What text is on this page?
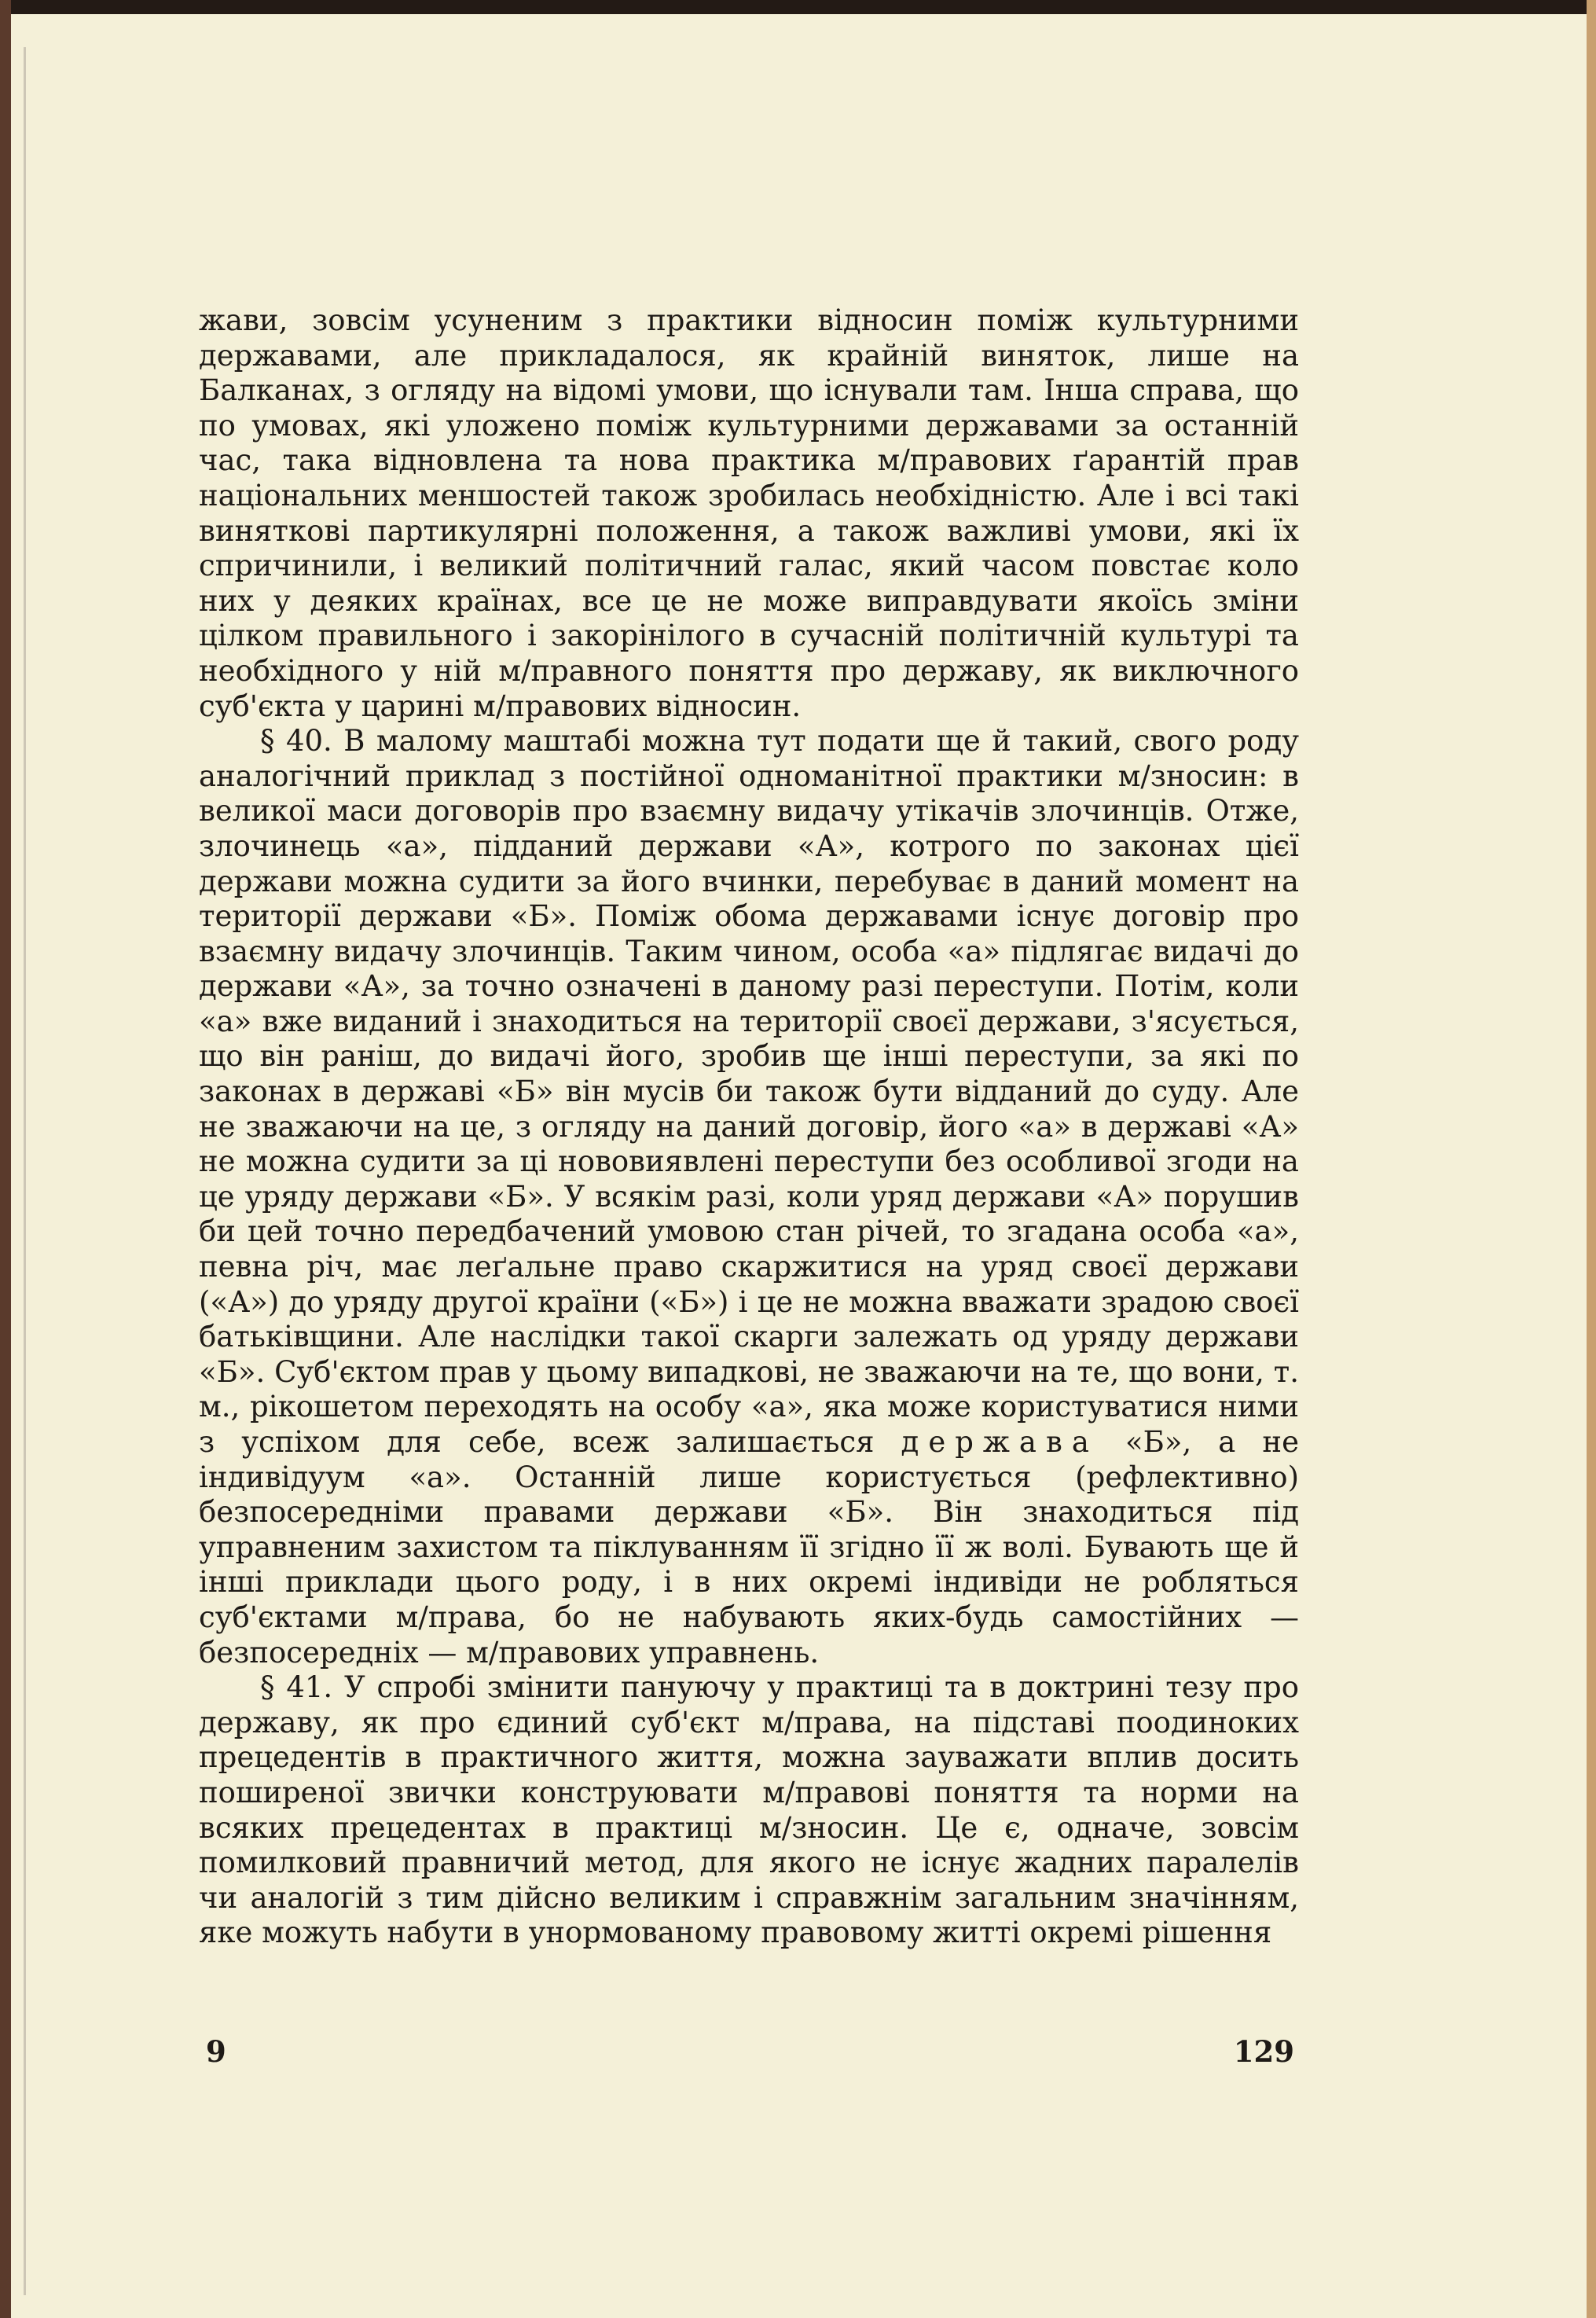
жави, зовсім усуненим з практики відносин поміж культурними державами, але прикладалося, як крайній виняток, лише на Балканах, з огляду на відомі умови, що існували там. Інша справа, що по умовах, які уложено поміж культурними державами за останній час, така відновлена та нова практика м/правових ґарантій прав національних меншостей також зробилась необхідністю. Але і всі такі виняткові партикулярні положення, а також важливі умови, які їх спричинили, і великий політичний галас, який часом повстає коло них у деяких країнах, все це не може виправдувати якоїсь зміни цілком правильного і закорінілого в сучасній політичній культурі та необхідного у ній м/правного поняття про державу, як виключного суб'єкта у царині м/правових відносин.

§ 40. В малому маштабі можна тут подати ще й такий, свого роду аналогічний приклад з постійної одноманітної практики м/зносин: в великої маси договорів про взаємну видачу утікачів злочинців. Отже, злочинець «а», підданий держави «А», котрого по законах цієї держави можна судити за його вчинки, перебуває в даний момент на території держави «Б». Поміж обома державами існує договір про взаємну видачу злочинців. Таким чином, особа «а» підлягає видачі до держави «А», за точно означені в даному разі переступи. Потім, коли «а» вже виданий і знаходиться на території своєї держави, з'ясується, що він раніш, до видачі його, зробив ще інші переступи, за які по законах в державі «Б» він мусів би також бути відданий до суду. Але не зважаючи на це, з огляду на даний договір, його «а» в державі «А» не можна судити за ці нововиявлені переступи без особливої згоди на це уряду держави «Б». У всякім разі, коли уряд держави «А» порушив би цей точно передбачений умовою стан річей, то згадана особа «а», певна річ, має леґальне право скаржитися на уряд своєї держави («А») до уряду другої країни («Б») і це не можна вважати зрадою своєї батьківщини. Але наслідки такої скарги залежать од уряду держави «Б». Суб'єктом прав у цьому випадкові, не зважаючи на те, що вони, т. м., рікошетом переходять на особу «а», яка може користуватися ними з успіхом для себе, всеж залишається держава «Б», а не індивідуум «а». Останній лише користується (рефлективно) безпосередніми правами держави «Б». Він знаходиться під управненим захистом та піклуванням її згідно її ж волі. Бувають ще й інші приклади цього роду, і в них окремі індивіди не робляться суб'єктами м/права, бо не набувають яких-будь самостійних — безпосередніх — м/правових управнень.

§ 41. У спробі змінити пануючу у практиці та в доктрині тезу про державу, як про єдиний суб'єкт м/права, на підставі поодиноких прецедентів в практичного життя, можна зауважати вплив досить поширеної звички конструювати м/правові поняття та норми на всяких прецедентах в практиці м/зносин. Це є, одначе, зовсім помилковий правничий метод, для якого не існує жадних паралелів чи аналогій з тим дійсно великим і справжнім загальним значінням, яке можуть набути в унормованому правовому житті окремі рішення

9	129
